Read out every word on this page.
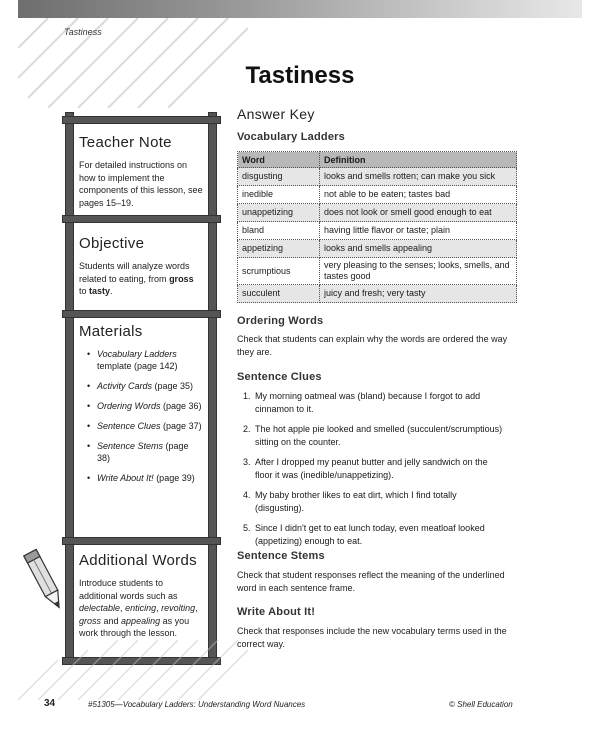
Tastiness
Tastiness
Teacher Note
For detailed instructions on how to implement the components of this lesson, see pages 15–19.
Objective
Students will analyze words related to eating, from gross to tasty.
Materials
• Vocabulary Ladders template (page 142)
• Activity Cards (page 35)
• Ordering Words (page 36)
• Sentence Clues (page 37)
• Sentence Stems (page 38)
• Write About It! (page 39)
Additional Words
Introduce students to additional words such as delectable, enticing, revolting, gross and appealing as you work through the lesson.
Answer Key
Vocabulary Ladders
Word	Definition
disgusting	looks and smells rotten; can make you sick
inedible	not able to be eaten; tastes bad
unappetizing	does not look or smell good enough to eat
bland	having little flavor or taste; plain
appetizing	looks and smells appealing
scrumptious	very pleasing to the senses; looks, smells, and tastes good
succulent	juicy and fresh; very tasty
Ordering Words
Check that students can explain why the words are ordered the way they are.
Sentence Clues
1. My morning oatmeal was (bland) because I forgot to add cinnamon to it.
2. The hot apple pie looked and smelled (succulent/scrumptious) sitting on the counter.
3. After I dropped my peanut butter and jelly sandwich on the floor it was (inedible/unappetizing).
4. My baby brother likes to eat dirt, which I find totally (disgusting).
5. Since I didn't get to eat lunch today, even meatloaf looked (appetizing) enough to eat.
Sentence Stems
Check that student responses reflect the meaning of the underlined word in each sentence frame.
Write About It!
Check that responses include the new vocabulary terms used in the correct way.
34	#51305—Vocabulary Ladders: Understanding Word Nuances	© Shell Education
